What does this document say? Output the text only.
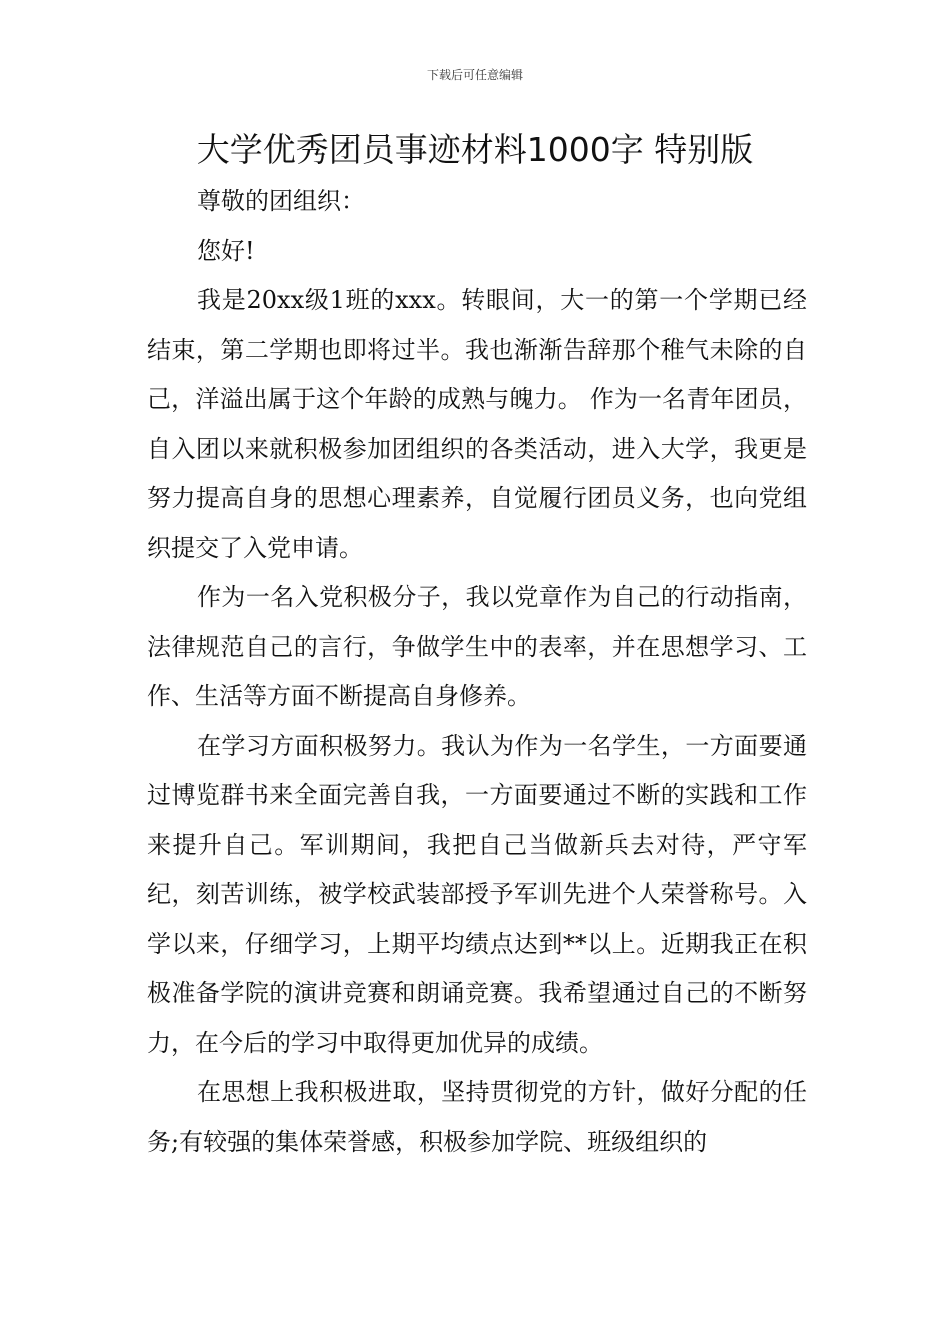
下载后可任意编辑
大学优秀团员事迹材料1000字 特别版

尊敬的团组织：

您好!

我是20xx级1班的xxx。转眼间，大一的第一个学期已经结束，第二学期也即将过半。我也渐渐告辞那个稚气未除的自己，洋溢出属于这个年龄的成熟与魄力。 作为一名青年团员，自入团以来就积极参加团组织的各类活动，进入大学，我更是努力提高自身的思想心理素养，自觉履行团员义务，也向党组织提交了入党申请。

作为一名入党积极分子，我以党章作为自己的行动指南，法律规范自己的言行，争做学生中的表率，并在思想学习、工作、生活等方面不断提高自身修养。

在学习方面积极努力。我认为作为一名学生，一方面要通过博览群书来全面完善自我，一方面要通过不断的实践和工作来提升自己。军训期间，我把自己当做新兵去对待，严守军纪，刻苦训练，被学校武装部授予军训先进个人荣誉称号。入学以来，仔细学习，上期平均绩点达到**以上。近期我正在积极准备学院的演讲竞赛和朗诵竞赛。我希望通过自己的不断努力，在今后的学习中取得更加优异的成绩。

在思想上我积极进取，坚持贯彻党的方针，做好分配的任务;有较强的集体荣誉感，积极参加学院、班级组织的
